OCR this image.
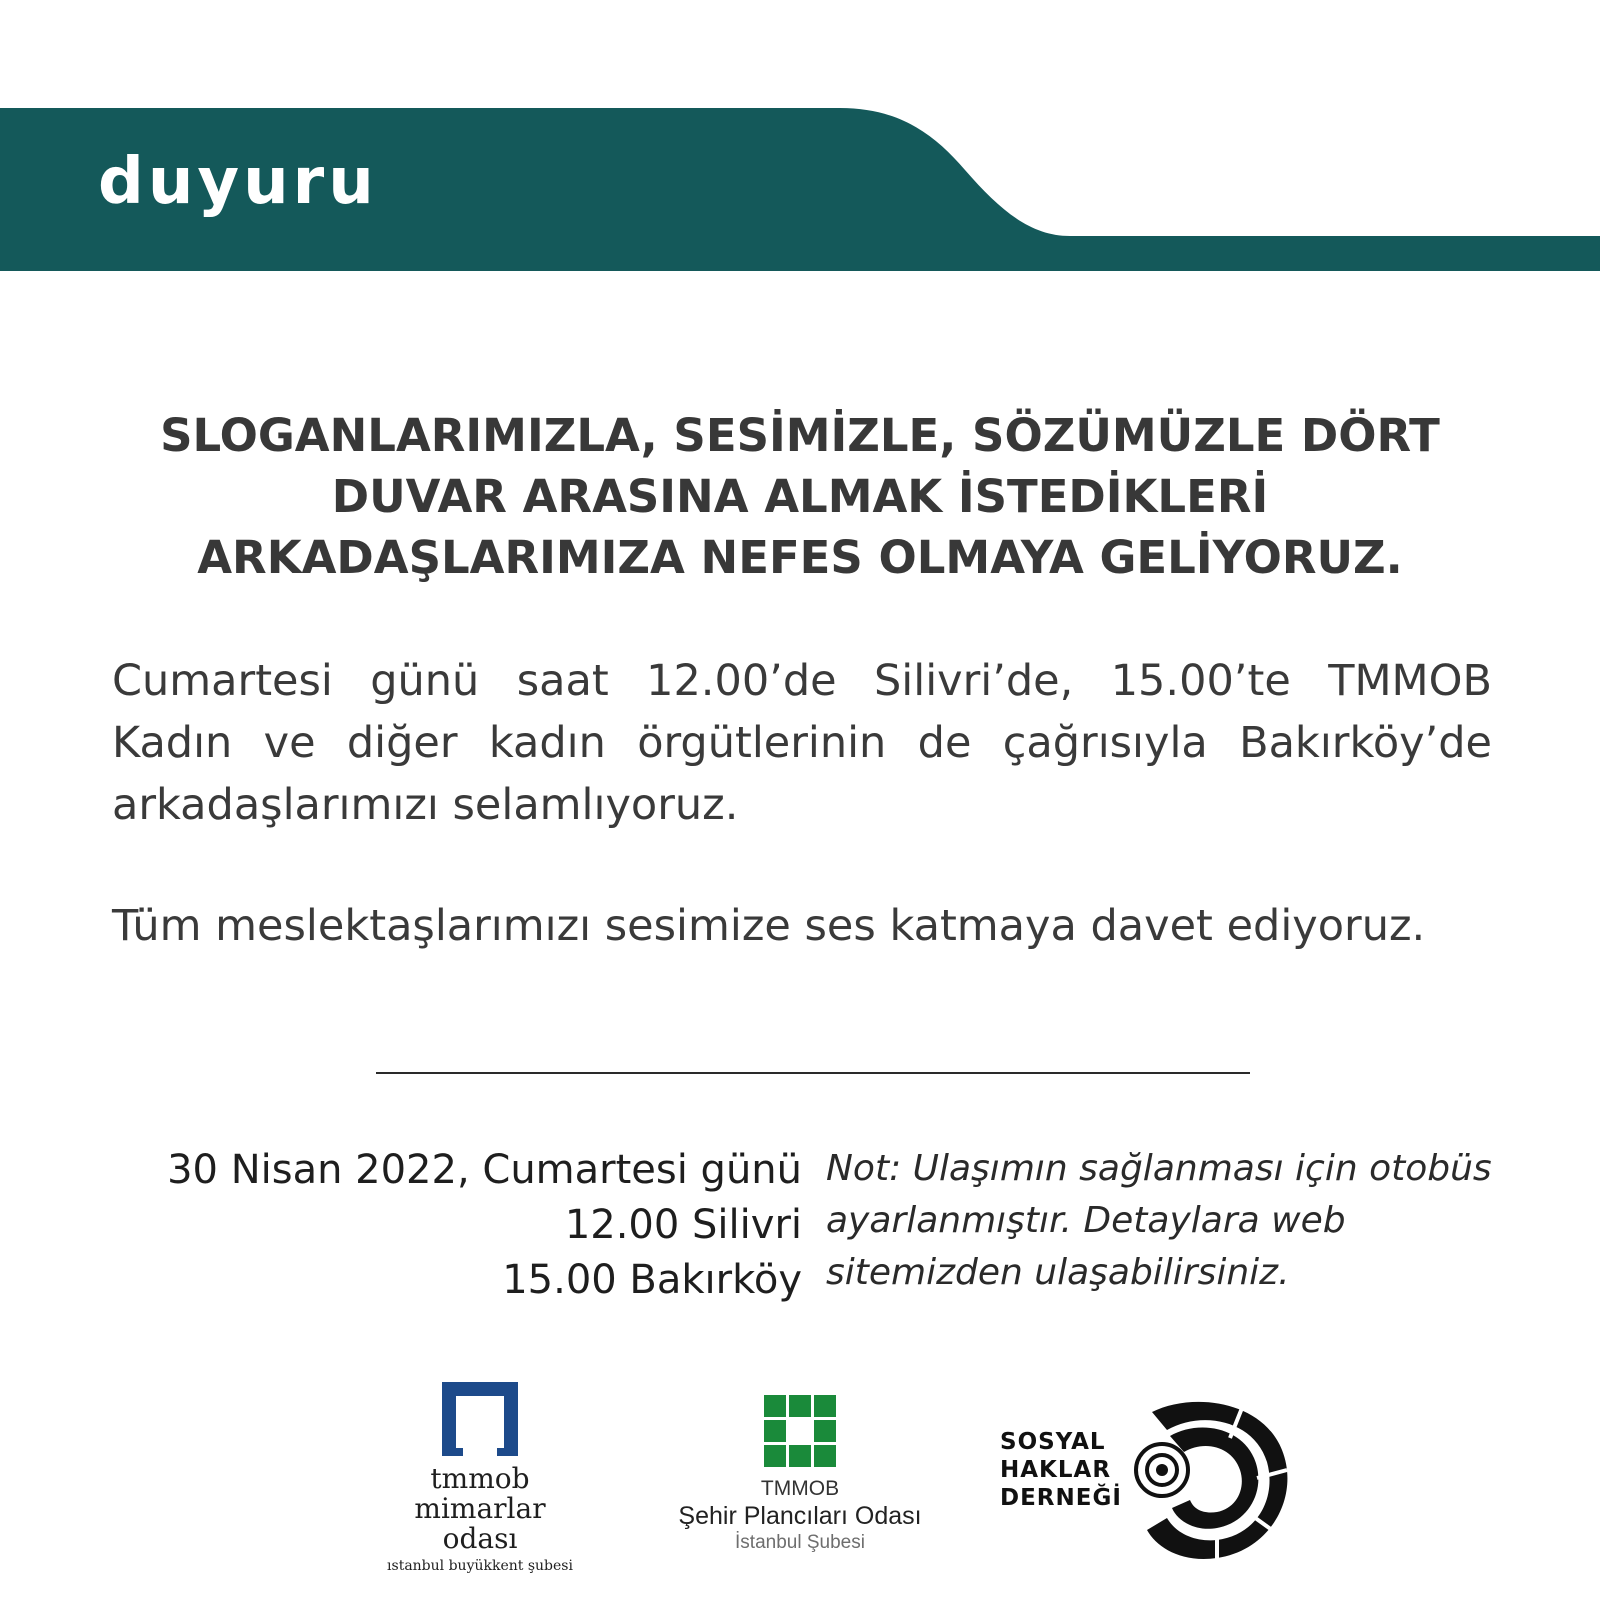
duyuru
SLOGANLARIMIZLA, SESİMİZLE, SÖZÜMÜZLE DÖRT
DUVAR ARASINA ALMAK İSTEDİKLERİ
ARKADAŞLARIMIZA NEFES OLMAYA GELİYORUZ.
Cumartesi günü saat 12.00’de Silivri’de, 15.00’te TMMOB
Kadın ve diğer kadın örgütlerinin de çağrısıyla Bakırköy’de
arkadaşlarımızı selamlıyoruz.
Tüm meslektaşlarımızı sesimize ses katmaya davet ediyoruz.
30 Nisan 2022, Cumartesi günü
12.00 Silivri
15.00 Bakırköy
Not: Ulaşımın sağlanması için otobüs
ayarlanmıştır. Detaylara web
sitemizden ulaşabilirsiniz.
tmmob
mimarlar
odası
ıstanbul buyükkent şubesi
TMMOB
Şehir Plancıları Odası
İstanbul Şubesi
SOSYAL
HAKLAR
DERNEĞİ
